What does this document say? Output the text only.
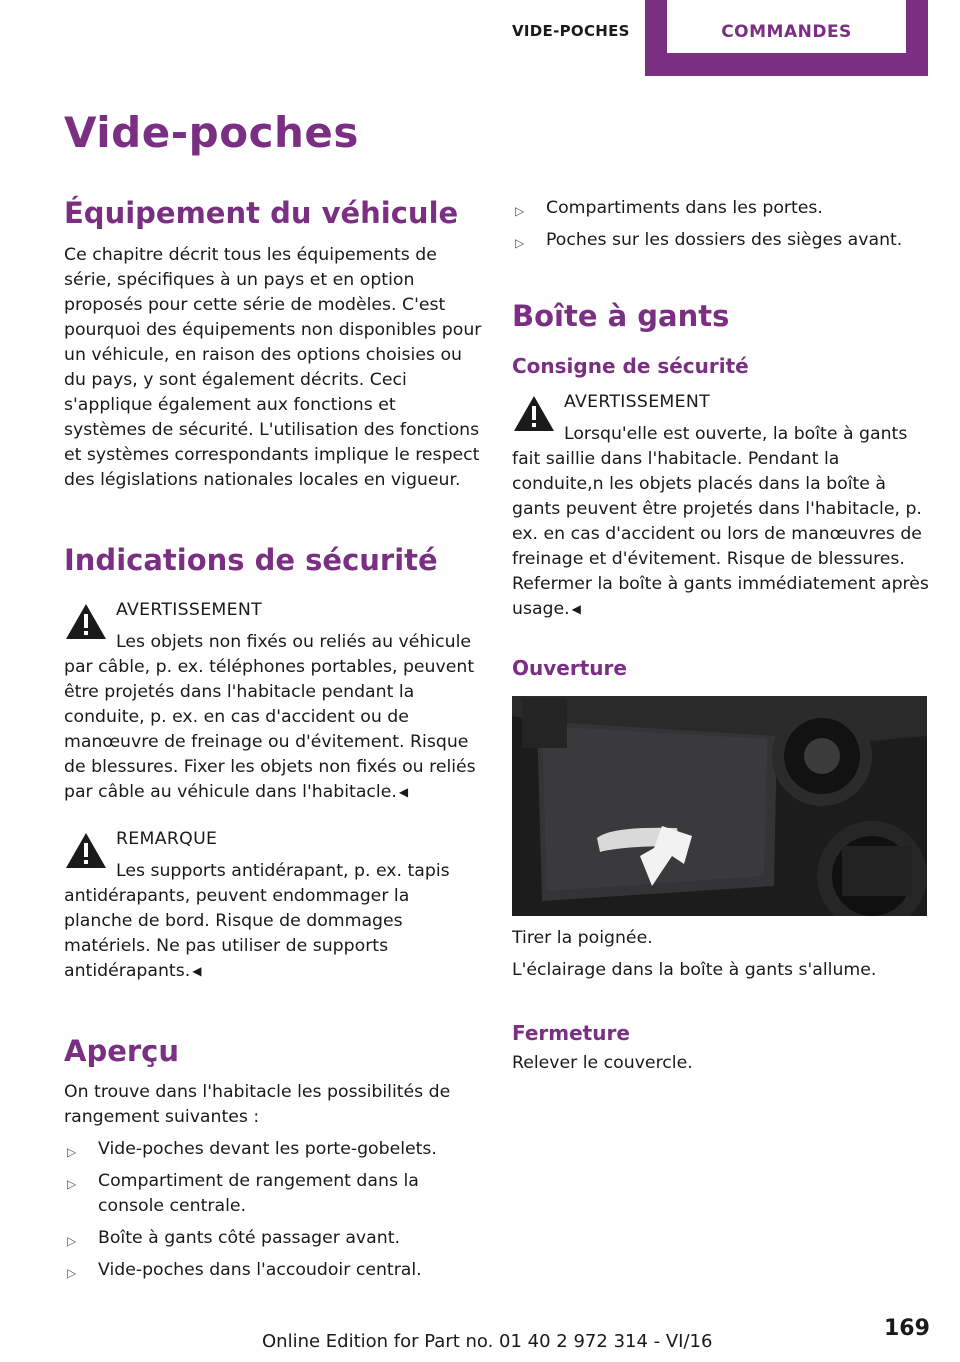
VIDE-POCHES	COMMANDES
Vide-poches
Équipement du véhicule

Ce chapitre décrit tous les équipements de série, spécifiques à un pays et en option proposés pour cette série de modèles. C'est pourquoi des équipements non disponibles pour un véhicule, en raison des options choisies ou du pays, y sont également décrits. Ceci s'applique également aux fonctions et systèmes de sécurité. L'utilisation des fonctions et systèmes correspondants implique le respect des législations nationales locales en vigueur.

Indications de sécurité
AVERTISSEMENT

Les objets non fixés ou reliés au véhicule par câble, p. ex. téléphones portables, peuvent être projetés dans l'habitacle pendant la conduite, p. ex. en cas d'accident ou de manœuvre de freinage ou d'évitement. Risque de blessures. Fixer les objets non fixés ou reliés par câble au véhicule dans l'habitacle. ◀

REMARQUE

Les supports antidérapant, p. ex. tapis antidérapants, peuvent endommager la planche de bord. Risque de dommages matériels. Ne pas utiliser de supports antidérapants. ◀

Aperçu

On trouve dans l'habitacle les possibilités de rangement suivantes :

▷ Vide-poches devant les porte-gobelets.
▷ Compartiment de rangement dans la console centrale.
▷ Boîte à gants côté passager avant.
▷ Vide-poches dans l'accoudoir central.
▷ Compartiments dans les portes.
▷ Poches sur les dossiers des sièges avant.
Boîte à gants
Consigne de sécurité
AVERTISSEMENT

Lorsqu'elle est ouverte, la boîte à gants fait saillie dans l'habitacle. Pendant la conduite,n les objets placés dans la boîte à gants peuvent être projetés dans l'habitacle, p. ex. en cas d'accident ou lors de manœuvres de freinage et d'évitement. Risque de blessures. Refermer la boîte à gants immédiatement après usage. ◀

Ouverture

Tirer la poignée.

L'éclairage dans la boîte à gants s'allume.

Fermeture

Relever le couvercle.

169
Online Edition for Part no. 01 40 2 972 314 - VI/16
